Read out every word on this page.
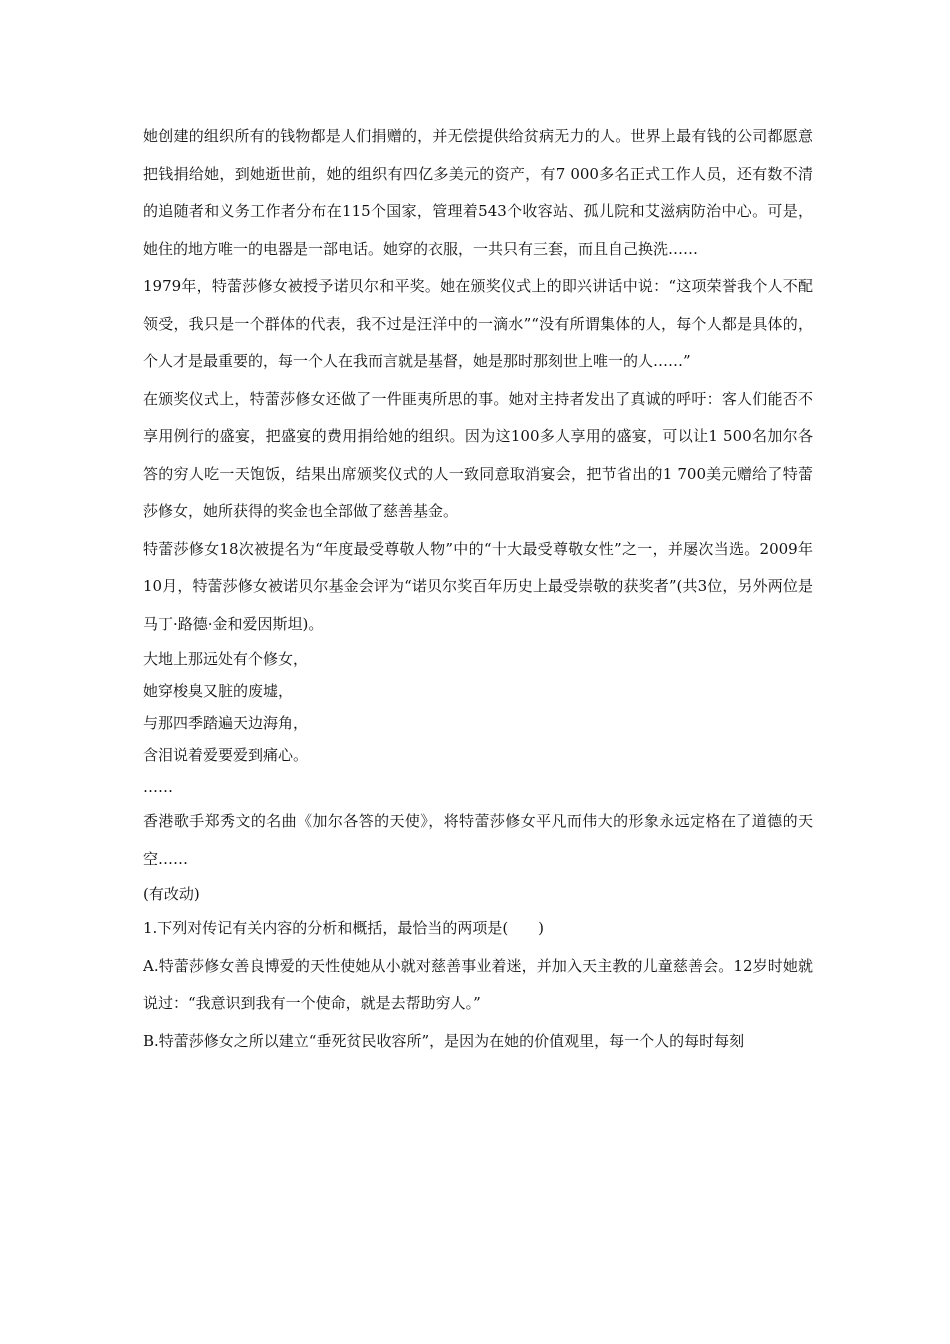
她创建的组织所有的钱物都是人们捐赠的，并无偿提供给贫病无力的人。世界上最有钱的公司都愿意把钱捐给她，到她逝世前，她的组织有四亿多美元的资产，有7 000多名正式工作人员，还有数不清的追随者和义务工作者分布在115个国家，管理着543个收容站、孤儿院和艾滋病防治中心。可是，她住的地方唯一的电器是一部电话。她穿的衣服，一共只有三套，而且自己换洗……

1979年，特蕾莎修女被授予诺贝尔和平奖。她在颁奖仪式上的即兴讲话中说：“这项荣誉我个人不配领受，我只是一个群体的代表，我不过是汪洋中的一滴水”“没有所谓集体的人，每个人都是具体的，个人才是最重要的，每一个人在我而言就是基督，她是那时那刻世上唯一的人……”

在颁奖仪式上，特蕾莎修女还做了一件匪夷所思的事。她对主持者发出了真诚的呼吁：客人们能否不享用例行的盛宴，把盛宴的费用捐给她的组织。因为这100多人享用的盛宴，可以让1 500名加尔各答的穷人吃一天饱饭，结果出席颁奖仪式的人一致同意取消宴会，把节省出的1 700美元赠给了特蕾莎修女，她所获得的奖金也全部做了慈善基金。

特蕾莎修女18次被提名为“年度最受尊敬人物”中的“十大最受尊敬女性”之一，并屡次当选。2009年10月，特蕾莎修女被诺贝尔基金会评为“诺贝尔奖百年历史上最受崇敬的获奖者”(共3位，另外两位是马丁·路德·金和爱因斯坦)。

大地上那远处有个修女，

她穿梭臭又脏的废墟，

与那四季踏遍天边海角，

含泪说着爱要爱到痛心。

……

香港歌手郑秀文的名曲《加尔各答的天使》，将特蕾莎修女平凡而伟大的形象永远定格在了道德的天空……

(有改动)

1.下列对传记有关内容的分析和概括，最恰当的两项是(　　)

A.特蕾莎修女善良博爱的天性使她从小就对慈善事业着迷，并加入天主教的儿童慈善会。12岁时她就说过：“我意识到我有一个使命，就是去帮助穷人。”

B.特蕾莎修女之所以建立“垂死贫民收容所”，是因为在她的价值观里，每一个人的每时每刻
